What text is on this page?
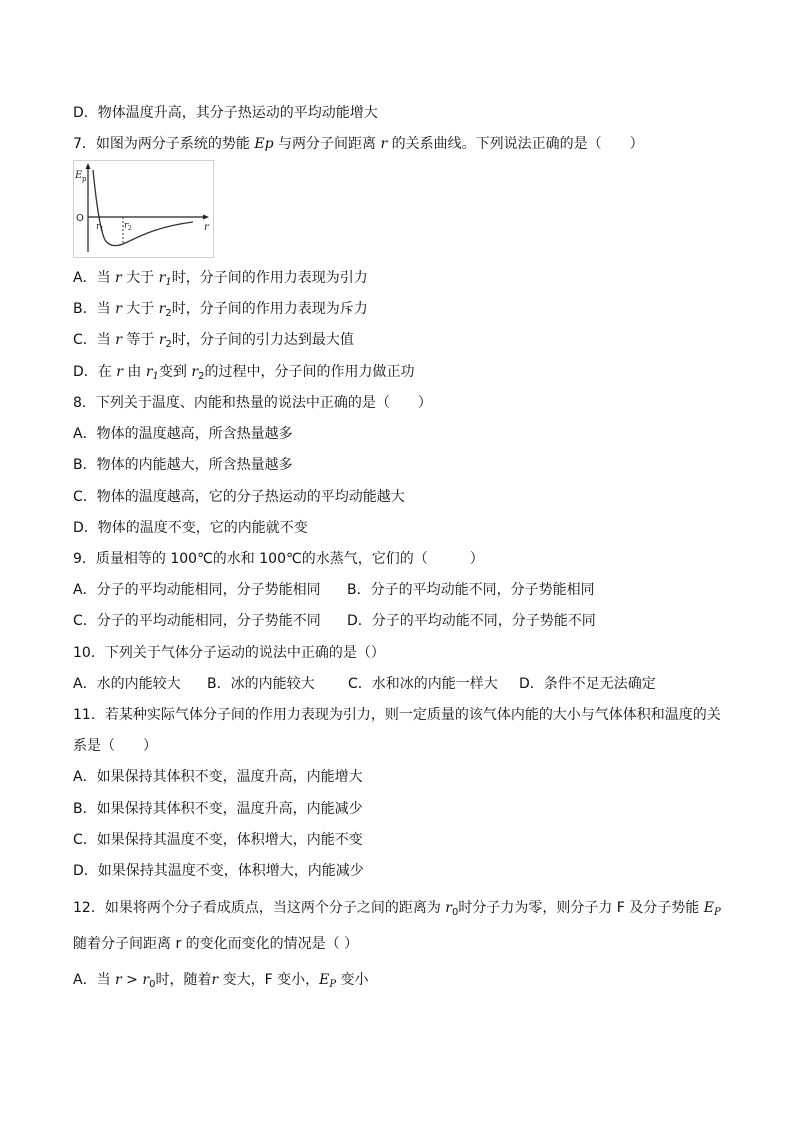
D．物体温度升高，其分子热运动的平均动能增大
7．如图为两分子系统的势能 Ep 与两分子间距离 r 的关系曲线。下列说法正确的是（　　）
E p
O
r
r 1 r 2
A．当 r 大于 $r_1$时，分子间的作用力表现为引力
B．当 r 大于 $r_2$时，分子间的作用力表现为斥力
C．当 r 等于 $r_2$时，分子间的引力达到最大值
D．在 r 由 $r_1$变到 $r_2$的过程中，分子间的作用力做正功
8．下列关于温度、内能和热量的说法中正确的是（　　）
A．物体的温度越高，所含热量越多
B．物体的内能越大，所含热量越多
C．物体的温度越高，它的分子热运动的平均动能越大
D．物体的温度不变，它的内能就不变
9．质量相等的 100℃的水和 100℃的水蒸气，它们的（　　　）
A．分子的平均动能相同，分子势能相同 B．分子的平均动能不同，分子势能相同
C．分子的平均动能相同，分子势能不同 D．分子的平均动能不同，分子势能不同
10．下列关于气体分子运动的说法中正确的是（）
A．水的内能较大 B．冰的内能较大 C．水和冰的内能一样大 D．条件不足无法确定
11．若某种实际气体分子间的作用力表现为引力，则一定质量的该气体内能的大小与气体体积和温度的关
系是（　　）
A．如果保持其体积不变，温度升高，内能增大
B．如果保持其体积不变，温度升高，内能减少
C．如果保持其温度不变，体积增大，内能不变
D．如果保持其温度不变，体积增大，内能减少
12．如果将两个分子看成质点，当这两个分子之间的距离为 $r_0$时分子力为零，则分子力 F 及分子势能 $E_P$
随着分子间距离 r 的变化而变化的情况是（ ）
A．当 $r > r_0$时，随着r 变大，F 变小，$E_P$ 变小
